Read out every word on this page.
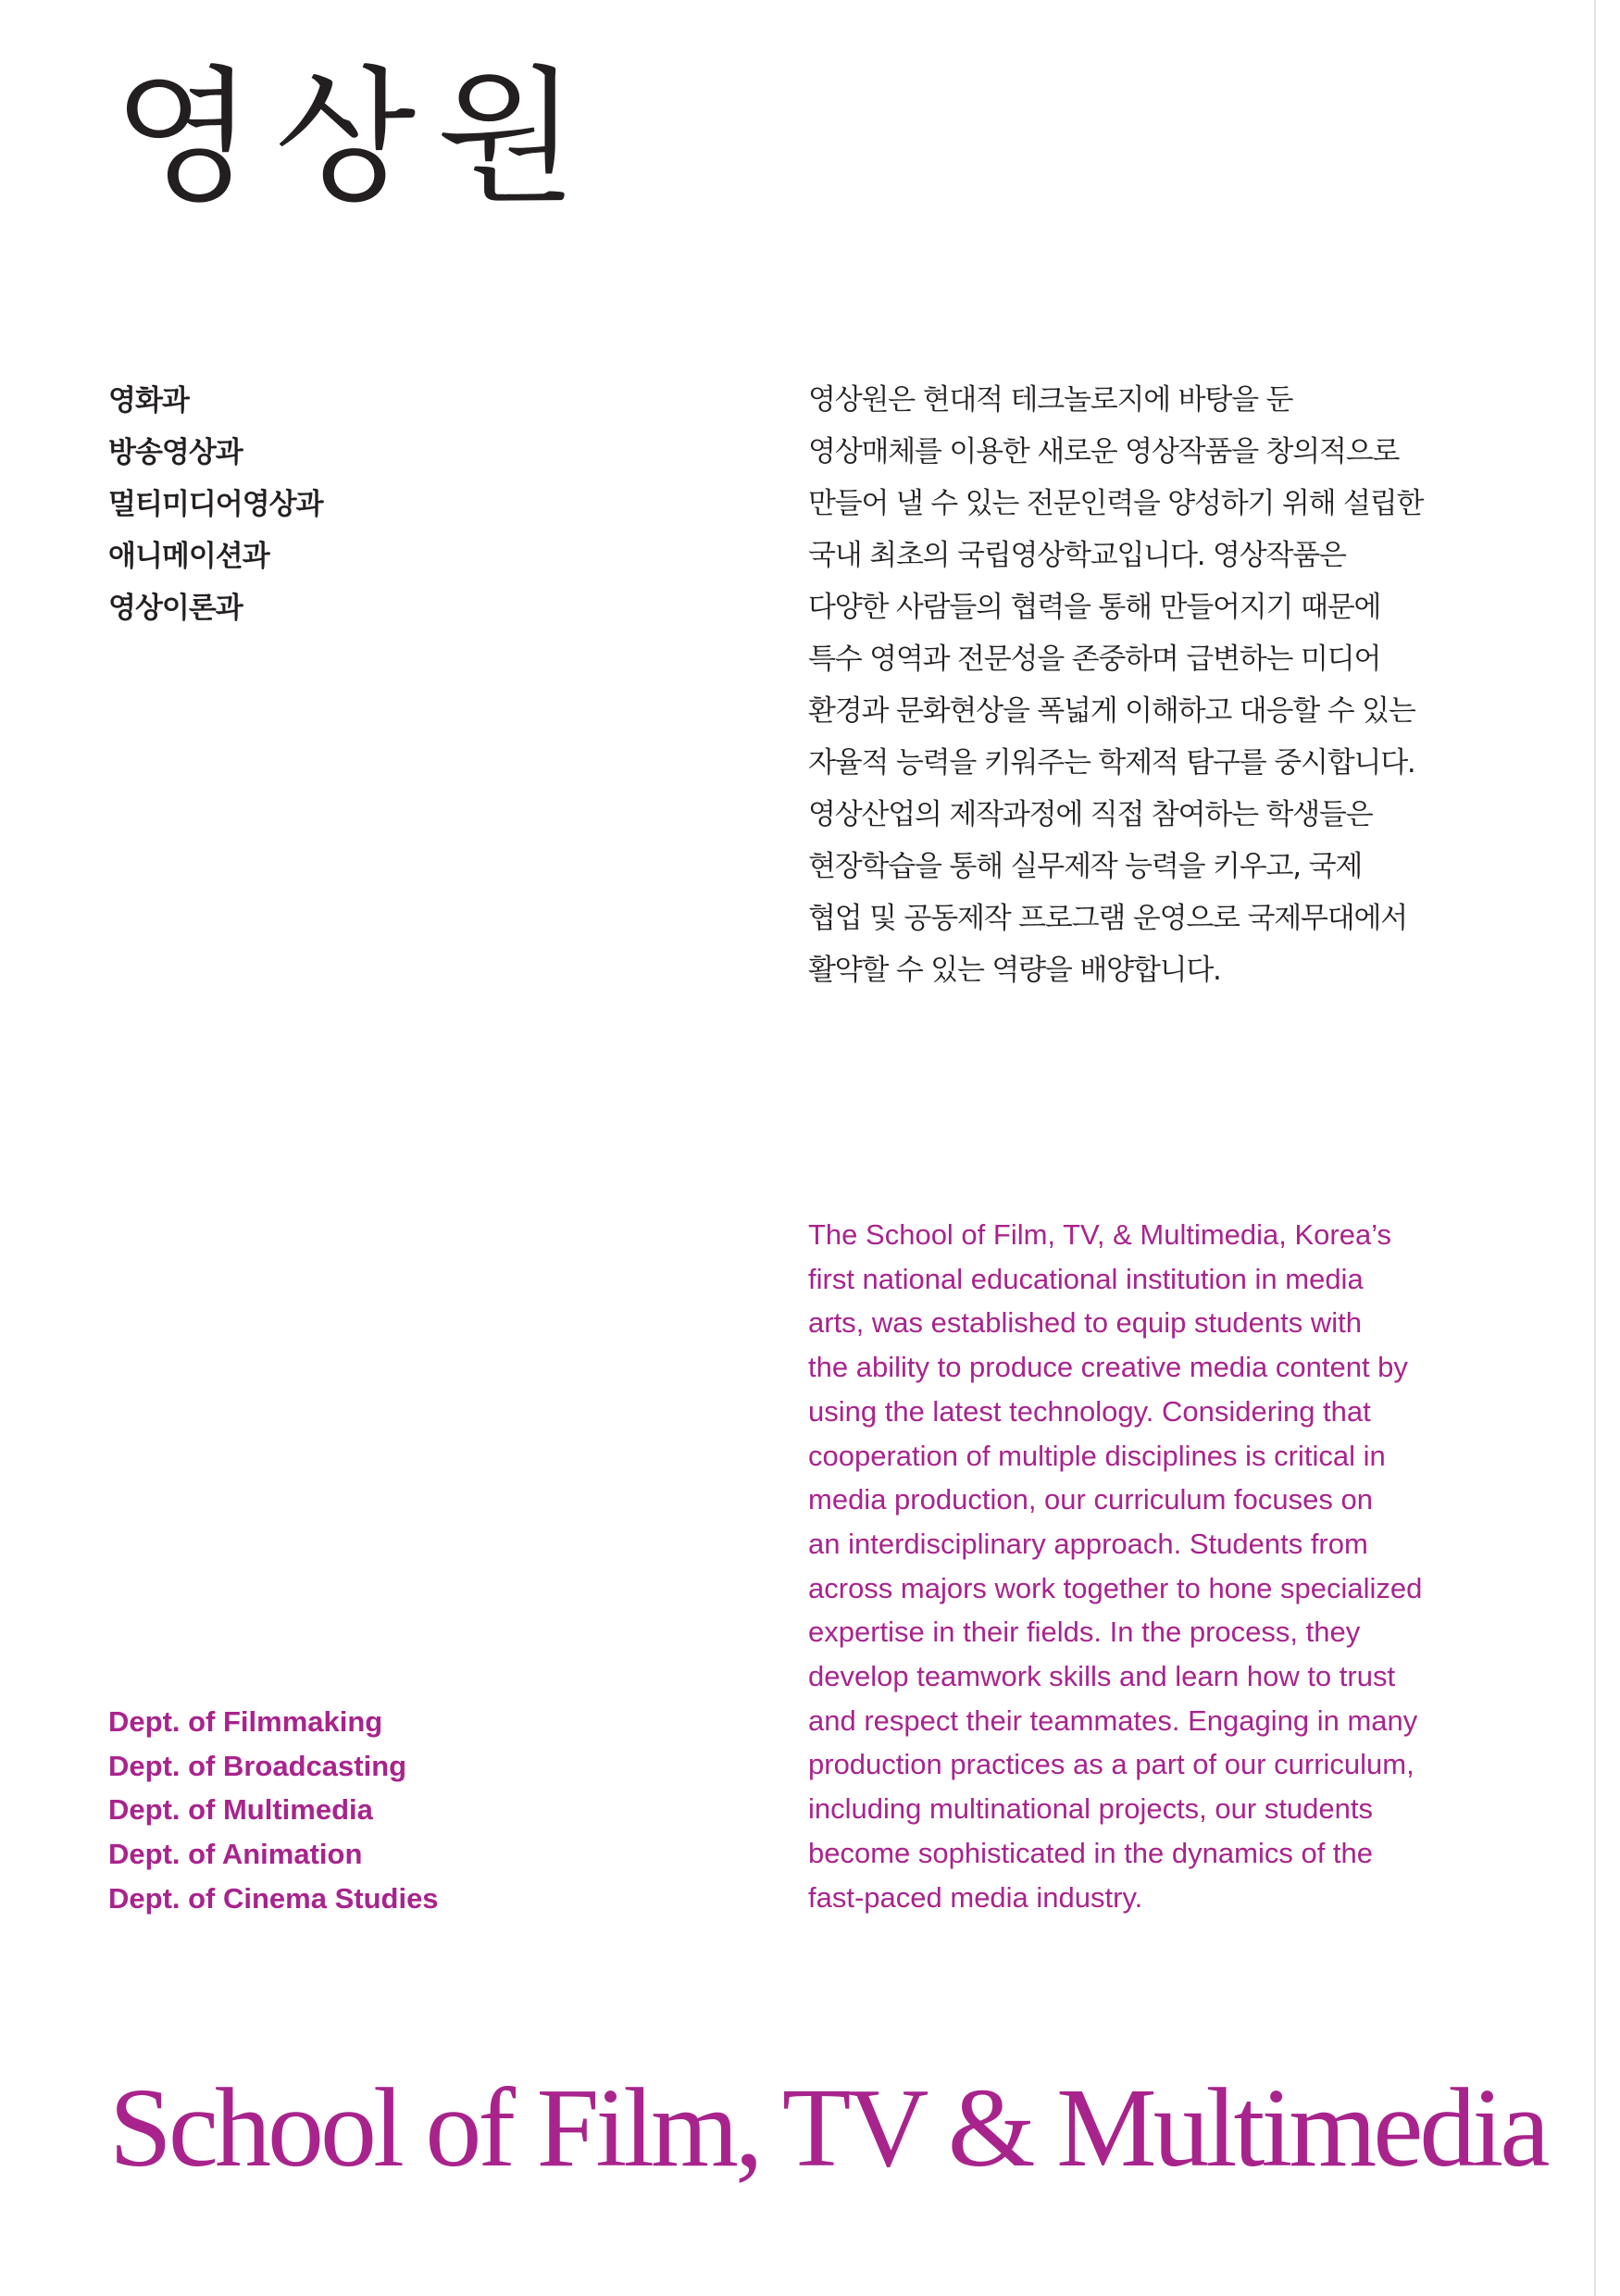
영상원
영화과
방송영상과
멀티미디어영상과
애니메이션과
영상이론과

영상원은 현대적 테크놀로지에 바탕을 둔
영상매체를 이용한 새로운 영상작품을 창의적으로
만들어 낼 수 있는 전문인력을 양성하기 위해 설립한
국내 최초의 국립영상학교입니다. 영상작품은
다양한 사람들의 협력을 통해 만들어지기 때문에
특수 영역과 전문성을 존중하며 급변하는 미디어
환경과 문화현상을 폭넓게 이해하고 대응할 수 있는
자율적 능력을 키워주는 학제적 탐구를 중시합니다.
영상산업의 제작과정에 직접 참여하는 학생들은
현장학습을 통해 실무제작 능력을 키우고, 국제
협업 및 공동제작 프로그램 운영으로 국제무대에서
활약할 수 있는 역량을 배양합니다.

The School of Film, TV, & Multimedia, Korea’s
first national educational institution in media
arts, was established to equip students with
the ability to produce creative media content by
using the latest technology. Considering that
cooperation of multiple disciplines is critical in
media production, our curriculum focuses on
an interdisciplinary approach. Students from
across majors work together to hone specialized
expertise in their fields. In the process, they
develop teamwork skills and learn how to trust
and respect their teammates. Engaging in many
production practices as a part of our curriculum,
including multinational projects, our students
become sophisticated in the dynamics of the
fast-paced media industry.

Dept. of Filmmaking
Dept. of Broadcasting
Dept. of Multimedia
Dept. of Animation
Dept. of Cinema Studies
School of Film, TV & Multimedia
